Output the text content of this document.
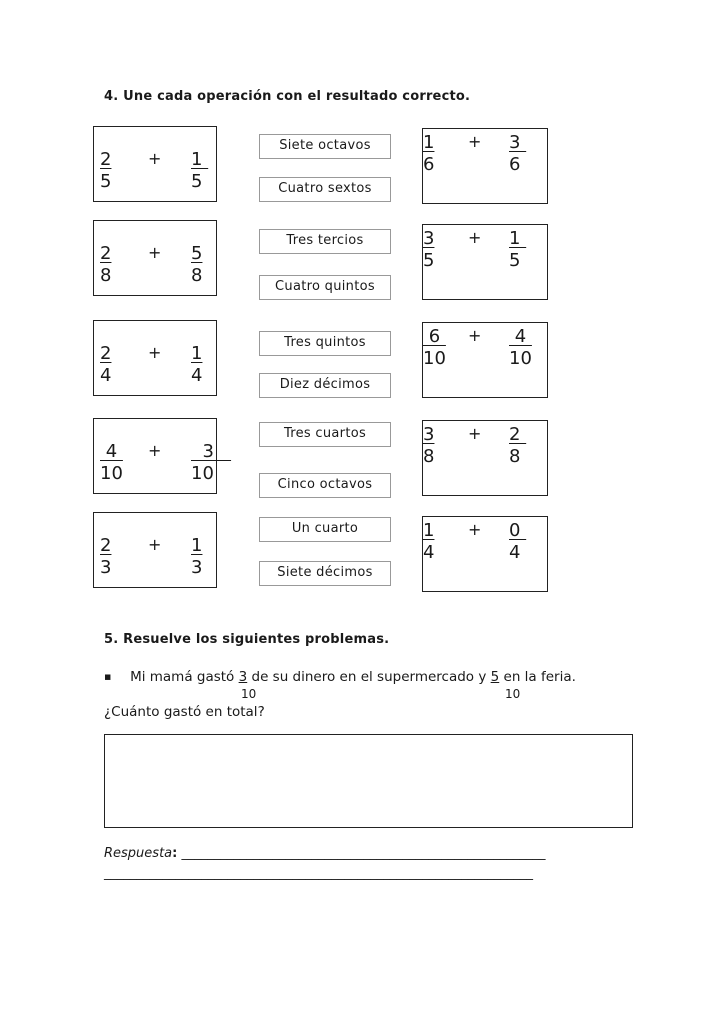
4. Une cada operación con el resultado correcto.
$\frac{2}{5} + \frac{1}{5}$
$\frac{2}{8} + \frac{5}{8}$
$\frac{2}{4} + \frac{1}{4}$
$\frac{4}{10} + \frac{3}{10}$
$\frac{2}{3} + \frac{1}{3}$
Siete octavos
Cuatro sextos
Tres tercios
Cuatro quintos
Tres quintos
Diez décimos
Tres cuartos
Cinco octavos
Un cuarto
Siete décimos
$\frac{1}{6} + \frac{3}{6}$
$\frac{3}{5} + \frac{1}{5}$
$\frac{6}{10} + \frac{4}{10}$
$\frac{3}{8} + \frac{2}{8}$
$\frac{1}{4} + \frac{0}{4}$
5. Resuelve los siguientes problemas.
▪ Mi mamá gastó 3 de su dinero en el supermercado y 5 en la feria.
10	10
¿Cuánto gastó en total?
Respuesta: ________________________________________________________
__________________________________________________________________
